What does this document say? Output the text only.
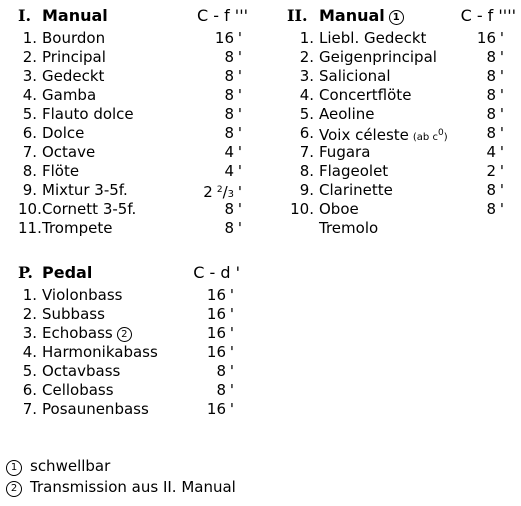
I. Manual	C - f '''
1. Bourdon	16 '
2. Principal	8 '
3. Gedeckt	8 '
4. Gamba	8 '
5. Flauto dolce	8 '
6. Dolce	8 '
7. Octave	4 '
8. Flöte	4 '
9. Mixtur 3-5f.	2 $^2$/3 '
10. Cornett 3-5f.	8 '
11. Trompete	8 '
II. Manual 1	C - f ''''
1. Liebl. Gedeckt	16 '
2. Geigenprincipal	8 '
3. Salicional	8 '
4. Concertflöte	8 '
5. Aeoline	8 '
6. Voix céleste (ab c0)	8 '
7. Fugara	4 '
8. Flageolet	2 '
9. Clarinette	8 '
10. Oboe	8 '
Tremolo
P. Pedal	C - d '
1. Violonbass	16 '
2. Subbass	16 '
3. Echobass 2	16 '
4. Harmonikabass	16 '
5. Octavbass	8 '
6. Cellobass	8 '
7. Posaunenbass	16 '
1 schwellbar
2 Transmission aus II. Manual
